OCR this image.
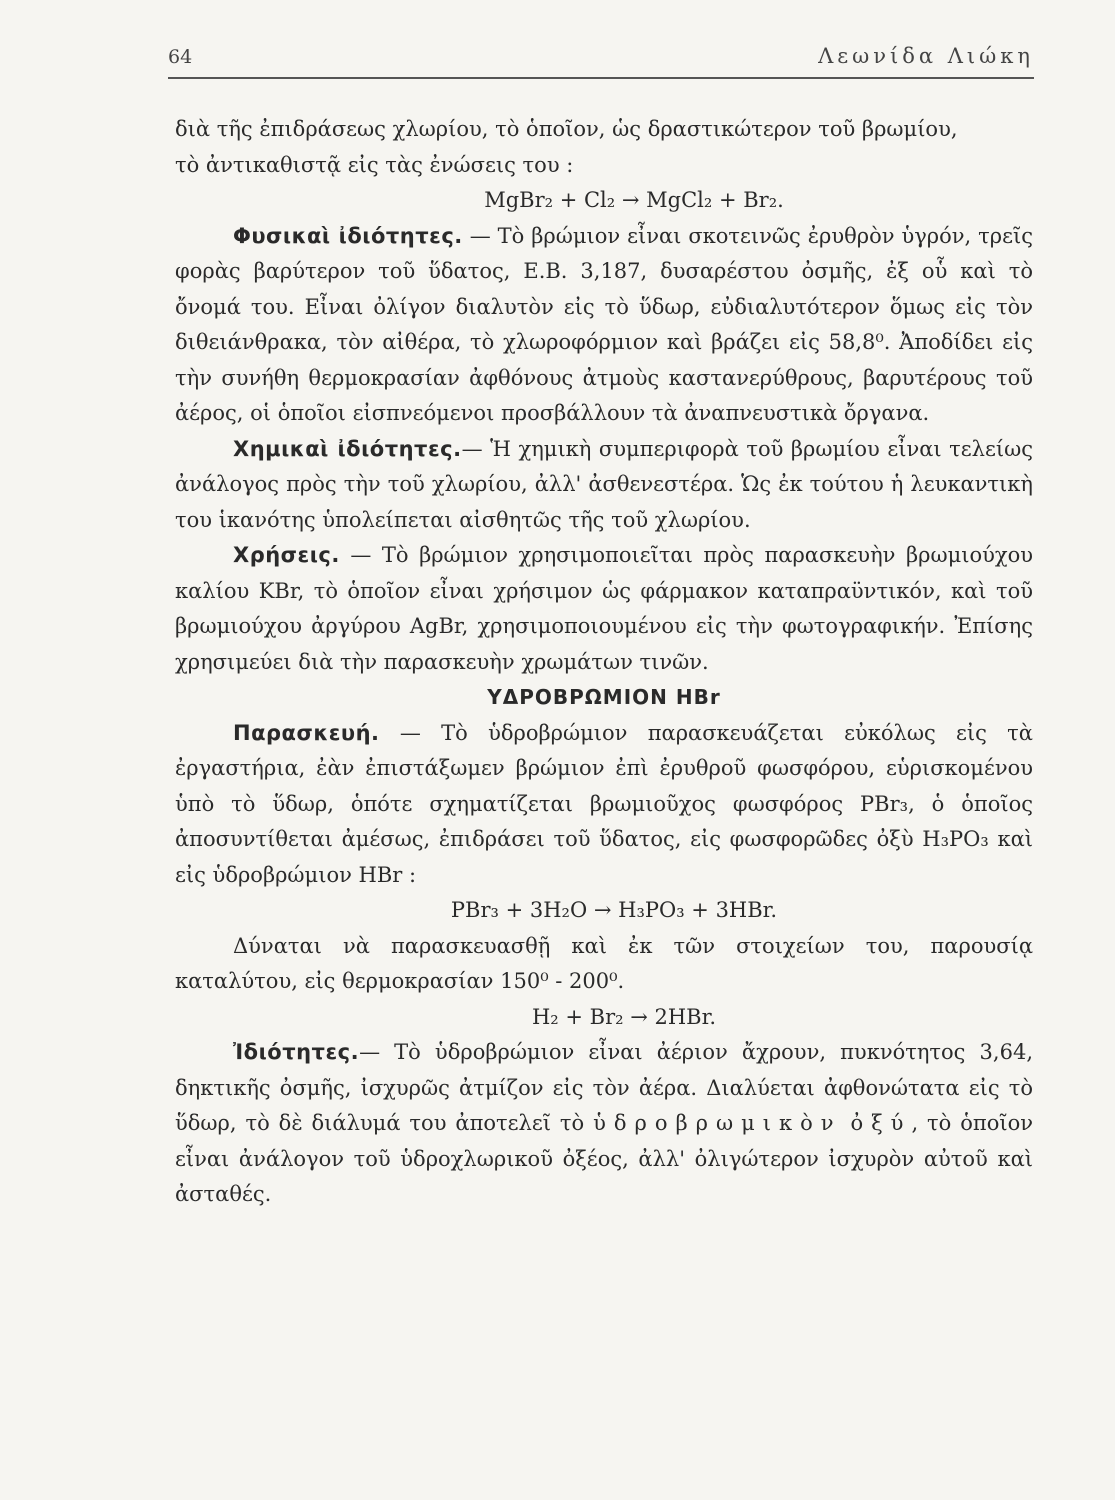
64	Λεωνίδα Λιώκη

διὰ τῆς ἐπιδράσεως χλωρίου, τὸ ὁποῖον, ὡς δραστικώτερον τοῦ βρωμίου,

τὸ ἀντικαθιστᾷ εἰς τὰς ἐνώσεις του :

MgBr₂ + Cl₂ → MgCl₂ + Br₂.

Φυσικαὶ ἰδιότητες. — Τὸ βρώμιον εἶναι σκοτεινῶς ἐρυθρὸν ὑγρόν, τρεῖς φορὰς βαρύτερον τοῦ ὕδατος, Ε.Β. 3,187, δυσαρέστου ὀσμῆς, ἐξ οὗ καὶ τὸ ὄνομά του. Εἶναι ὀλίγον διαλυτὸν εἰς τὸ ὕδωρ, εὐδιαλυτότερον ὅμως εἰς τὸν διθειάνθρακα, τὸν αἰθέρα, τὸ χλωροφόρμιον καὶ βράζει εἰς 58,8⁰. Ἀποδίδει εἰς τὴν συνήθη θερμοκρασίαν ἀφθόνους ἀτμοὺς καστανερύθρους, βαρυτέρους τοῦ ἀέρος, οἱ ὁποῖοι εἰσπνεόμενοι προσβάλλουν τὰ ἀναπνευστικὰ ὄργανα.

Χημικαὶ ἰδιότητες.— Ἡ χημικὴ συμπεριφορὰ τοῦ βρωμίου εἶναι τελείως ἀνάλογος πρὸς τὴν τοῦ χλωρίου, ἀλλ' ἀσθενεστέρα. Ὡς ἐκ τούτου ἡ λευκαντικὴ του ἱκανότης ὑπολείπεται αἰσθητῶς τῆς τοῦ χλωρίου.

Χρήσεις. — Τὸ βρώμιον χρησιμοποιεῖται πρὸς παρασκευὴν βρωμιούχου καλίου KBr, τὸ ὁποῖον εἶναι χρήσιμον ὡς φάρμακον καταπραϋντικόν, καὶ τοῦ βρωμιούχου ἀργύρου AgBr, χρησιμοποιουμένου εἰς τὴν φωτογραφικήν. Ἐπίσης χρησιμεύει διὰ τὴν παρασκευὴν χρωμάτων τινῶν.

ΥΔΡΟΒΡΩΜΙΟΝ HBr

Παρασκευή. — Τὸ ὑδροβρώμιον παρασκευάζεται εὐκόλως εἰς τὰ ἐργαστήρια, ἐὰν ἐπιστάξωμεν βρώμιον ἐπὶ ἐρυθροῦ φωσφόρου, εὑρισκομένου ὑπὸ τὸ ὕδωρ, ὁπότε σχηματίζεται βρωμιοῦχος φωσφόρος PBr₃, ὁ ὁποῖος ἀποσυντίθεται ἀμέσως, ἐπιδράσει τοῦ ὕδατος, εἰς φωσφορῶδες ὀξὺ H₃PO₃ καὶ εἰς ὑδροβρώμιον HBr :

PBr₃ + 3H₂O → H₃PO₃ + 3HBr.

Δύναται νὰ παρασκευασθῇ καὶ ἐκ τῶν στοιχείων του, παρουσίᾳ καταλύτου, εἰς θερμοκρασίαν 150⁰ - 200⁰.

H₂ + Br₂ → 2HBr.

Ἰδιότητες.— Τὸ ὑδροβρώμιον εἶναι ἀέριον ἄχρουν, πυκνότητος 3,64, δηκτικῆς ὀσμῆς, ἰσχυρῶς ἀτμίζον εἰς τὸν ἀέρα. Διαλύεται ἀφθονώτατα εἰς τὸ ὕδωρ, τὸ δὲ διάλυμά του ἀποτελεῖ τὸ ὑδροβρωμικὸν ὀξύ, τὸ ὁποῖον εἶναι ἀνάλογον τοῦ ὑδροχλωρικοῦ ὀξέος, ἀλλ' ὀλιγώτερον ἰσχυρὸν αὐτοῦ καὶ ἀσταθές.
